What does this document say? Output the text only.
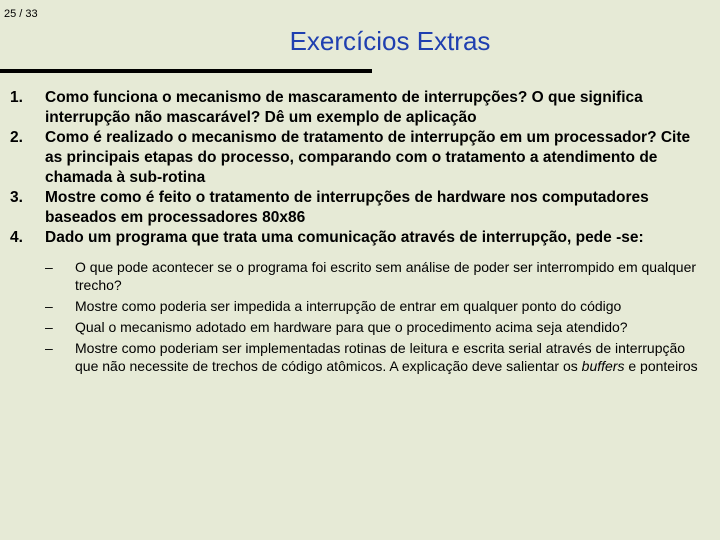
25 / 33
Exercícios Extras
1. Como funciona o mecanismo de mascaramento de interrupções? O que significa interrupção não mascarável? Dê um exemplo de aplicação
2. Como é realizado o mecanismo de tratamento de interrupção em um processador? Cite as principais etapas do processo, comparando com o tratamento a atendimento de chamada à sub-rotina
3. Mostre como é feito o tratamento de interrupções de hardware nos computadores baseados em processadores 80x86
4. Dado um programa que trata uma comunicação através de interrupção, pede -se:
– O que pode acontecer se o programa foi escrito sem análise de poder ser interrompido em qualquer trecho?
– Mostre como poderia ser impedida a interrupção de entrar em qualquer ponto do código
– Qual o mecanismo adotado em hardware para que o procedimento acima seja atendido?
– Mostre como poderiam ser implementadas rotinas de leitura e escrita serial através de interrupção que não necessite de trechos de código atômicos. A explicação deve salientar os buffers e ponteiros
